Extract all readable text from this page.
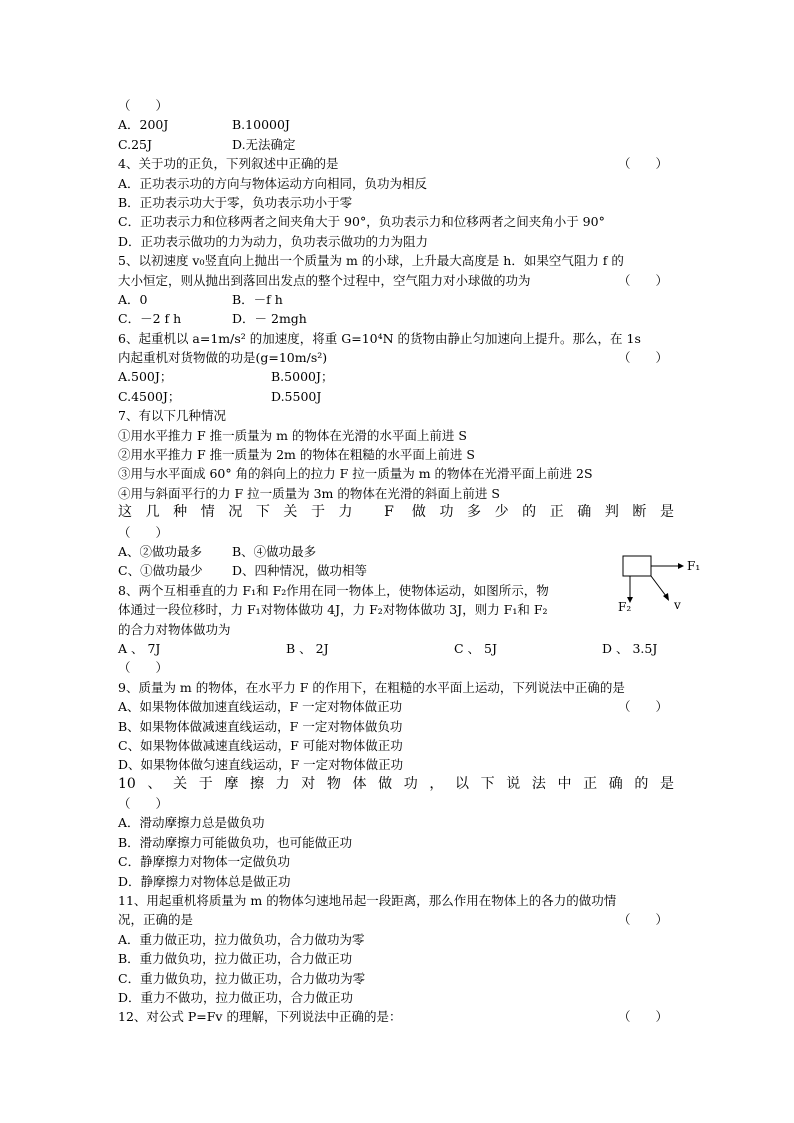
（　　）
A．200J	B.10000J
C.25J	D.无法确定
4、关于功的正负，下列叙述中正确的是	（　　）
A．正功表示功的方向与物体运动方向相同，负功为相反
B．正功表示功大于零，负功表示功小于零
C．正功表示力和位移两者之间夹角大于 90°，负功表示力和位移两者之间夹角小于 90°
D．正功表示做功的力为动力，负功表示做功的力为阻力
5、以初速度 v₀竖直向上抛出一个质量为 m 的小球，上升最大高度是 h．如果空气阻力 f 的
大小恒定，则从抛出到落回出发点的整个过程中，空气阻力对小球做的功为	（　　）
A．0	B．－f h
C．－2 f h	D．－ 2mgh
6、起重机以 a=1m/s² 的加速度，将重 G=10⁴N 的货物由静止匀加速向上提升。那么，在 1s
内起重机对货物做的功是(g=10m/s²)	（　　）
A.500J；	B.5000J；
C.4500J；	D.5500J
7、有以下几种情况
①用水平推力 F 推一质量为 m 的物体在光滑的水平面上前进 S
②用水平推力 F 推一质量为 2m 的物体在粗糙的水平面上前进 S
③用与水平面成 60° 角的斜向上的拉力 F 拉一质量为 m 的物体在光滑平面上前进 2S
④用与斜面平行的力 F 拉一质量为 3m 的物体在光滑的斜面上前进 S
这几种情况下关于力 F 做功多少的正确判断是
（　　）
A、②做功最多 B、④做功最多
C、①做功最少 D、四种情况，做功相等
8、两个互相垂直的力 F₁和 F₂作用在同一物体上，使物体运动，如图所示，物
体通过一段位移时，力 F₁对物体做功 4J，力 F₂对物体做功 3J，则力 F₁和 F₂
的合力对物体做功为
A 、 7J	B 、 2J	C 、 5J	D 、 3.5J
（　　）
9、质量为 m 的物体，在水平力 F 的作用下，在粗糙的水平面上运动，下列说法中正确的是
A、如果物体做加速直线运动，F 一定对物体做正功	（　　）
B、如果物体做减速直线运动，F 一定对物体做负功
C、如果物体做减速直线运动，F 可能对物体做正功
D、如果物体做匀速直线运动，F 一定对物体做正功
10、关于摩擦力对物体做功，以下说法中正确的是
（　　）
A．滑动摩擦力总是做负功
B．滑动摩擦力可能做负功，也可能做正功
C．静摩擦力对物体一定做负功
D．静摩擦力对物体总是做正功
11、用起重机将质量为 m 的物体匀速地吊起一段距离，那么作用在物体上的各力的做功情
况，正确的是	（　　）
A．重力做正功，拉力做负功，合力做功为零
B．重力做负功，拉力做正功，合力做正功
C．重力做负功，拉力做正功，合力做功为零
D．重力不做功，拉力做正功，合力做正功
12、对公式 P=Fv 的理解，下列说法中正确的是：	（　　）
F₁
F₂	v
